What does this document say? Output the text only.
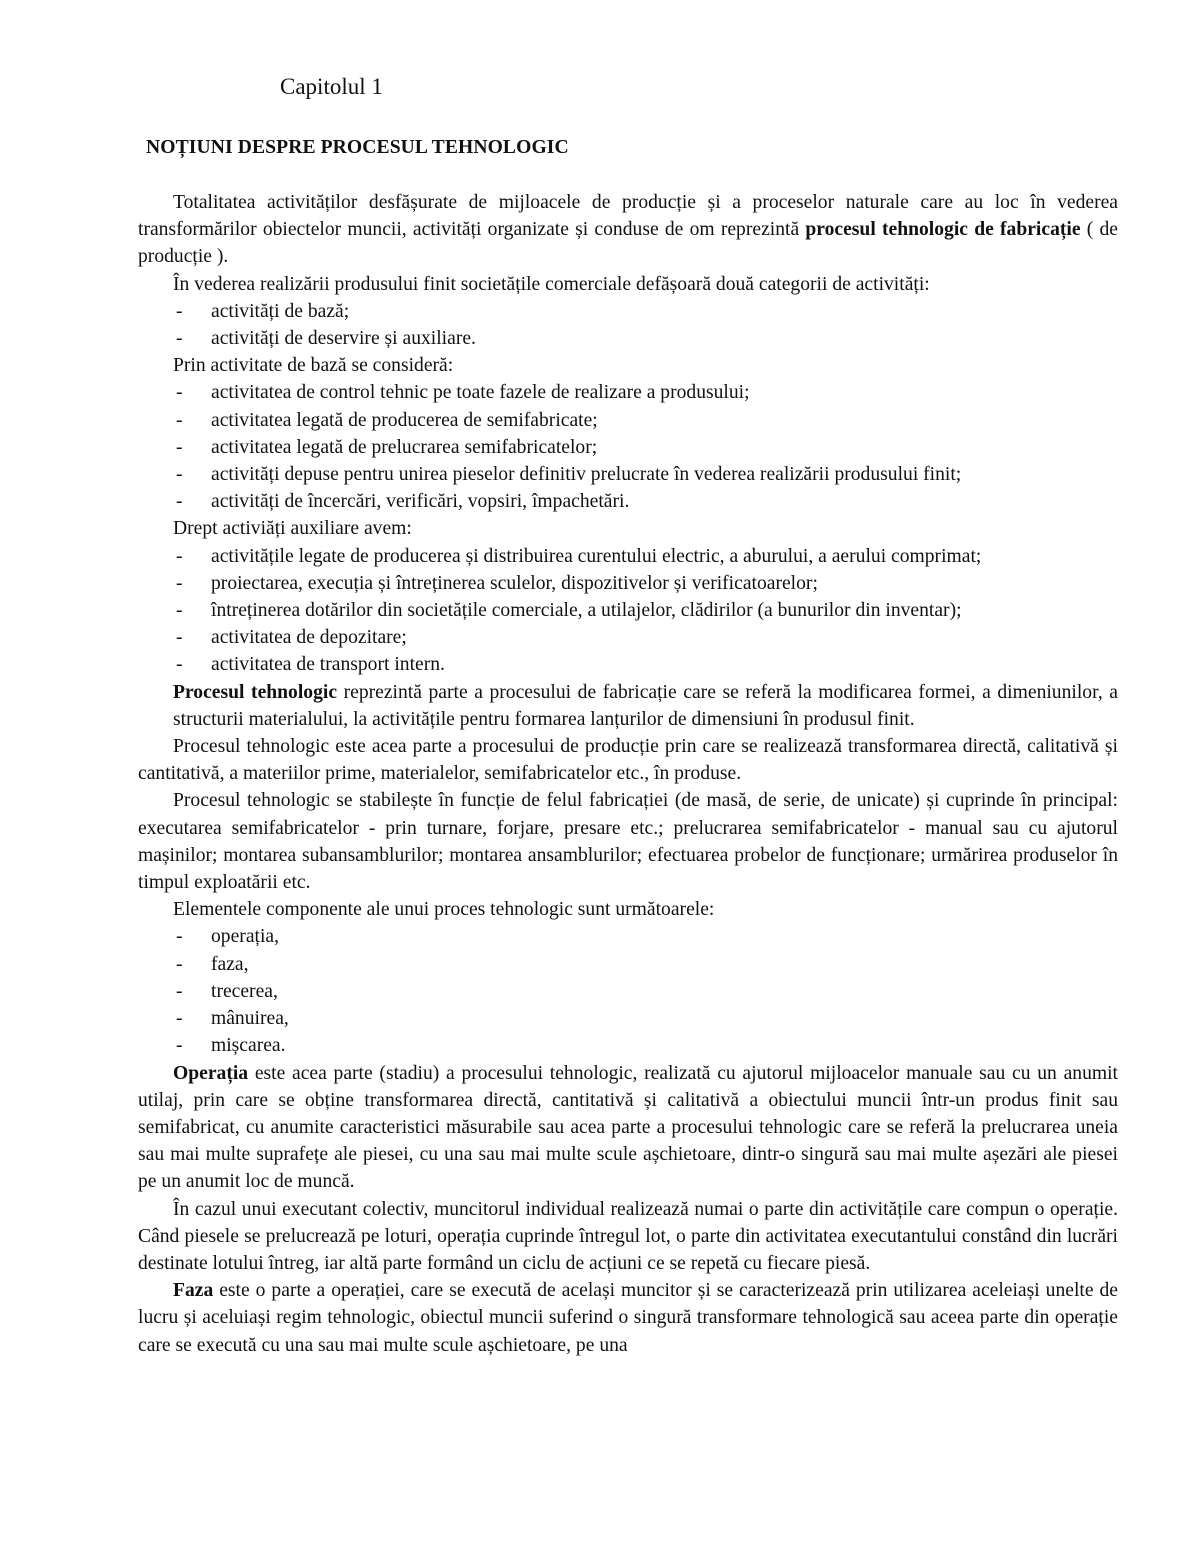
Capitolul 1
NOȚIUNI DESPRE PROCESUL TEHNOLOGIC

Totalitatea activităților desfășurate de mijloacele de producție și a proceselor naturale care au loc în vederea transformărilor obiectelor muncii, activități organizate și conduse de om reprezintă procesul tehnologic de fabricație ( de producție ).

În vederea realizării produsului finit societățile comerciale defășoară două categorii de activități:

- activități de bază;
- activități de deservire și auxiliare.

Prin activitate de bază se consideră:

- activitatea de control tehnic pe toate fazele de realizare a produsului;
- activitatea legată de producerea de semifabricate;
- activitatea legată de prelucrarea semifabricatelor;
- activități depuse pentru unirea pieselor definitiv prelucrate în vederea realizării produsului finit;
- activități de încercări, verificări, vopsiri, împachetări.

Drept activiăți auxiliare avem:

- activitățile legate de producerea și distribuirea curentului electric, a aburului, a aerului comprimat;
- proiectarea, execuția și întreținerea sculelor, dispozitivelor și verificatoarelor;
- întreținerea dotărilor din societățile comerciale, a utilajelor, clădirilor (a bunurilor din inventar);
- activitatea de depozitare;
- activitatea de transport intern.

Procesul tehnologic reprezintă parte a procesului de fabricație care se referă la modificarea formei, a dimeniunilor, a structurii materialului, la activitățile pentru formarea lanțurilor de dimensiuni în produsul finit.

Procesul tehnologic este acea parte a procesului de producție prin care se realizează transformarea directă, calitativă și cantitativă, a materiilor prime, materialelor, semifabricatelor etc., în produse.

Procesul tehnologic se stabilește în funcție de felul fabricației (de masă, de serie, de unicate) și cuprinde în principal: executarea semifabricatelor - prin turnare, forjare, presare etc.; prelucrarea semifabricatelor - manual sau cu ajutorul mașinilor; montarea subansamblurilor; montarea ansamblurilor; efectuarea probelor de funcționare; urmărirea produselor în timpul exploatării etc.

Elementele componente ale unui proces tehnologic sunt următoarele:

- operația,
- faza,
- trecerea,
- mânuirea,
- mișcarea.

Operația este acea parte (stadiu) a procesului tehnologic, realizată cu ajutorul mijloacelor manuale sau cu un anumit utilaj, prin care se obține transformarea directă, cantitativă și calitativă a obiectului muncii într-un produs finit sau semifabricat, cu anumite caracteristici măsurabile sau acea parte a procesului tehnologic care se referă la prelucrarea uneia sau mai multe suprafețe ale piesei, cu una sau mai multe scule așchietoare, dintr-o singură sau mai multe așezări ale piesei pe un anumit loc de muncă.

În cazul unui executant colectiv, muncitorul individual realizează numai o parte din activitățile care compun o operație. Când piesele se prelucrează pe loturi, operația cuprinde întregul lot, o parte din activitatea executantului constând din lucrări destinate lotului întreg, iar altă parte formând un ciclu de acțiuni ce se repetă cu fiecare piesă.

Faza este o parte a operației, care se execută de același muncitor și se caracterizează prin utilizarea aceleiași unelte de lucru și aceluiași regim tehnologic, obiectul muncii suferind o singură transformare tehnologică sau aceea parte din operație care se execută cu una sau mai multe scule așchietoare, pe una
